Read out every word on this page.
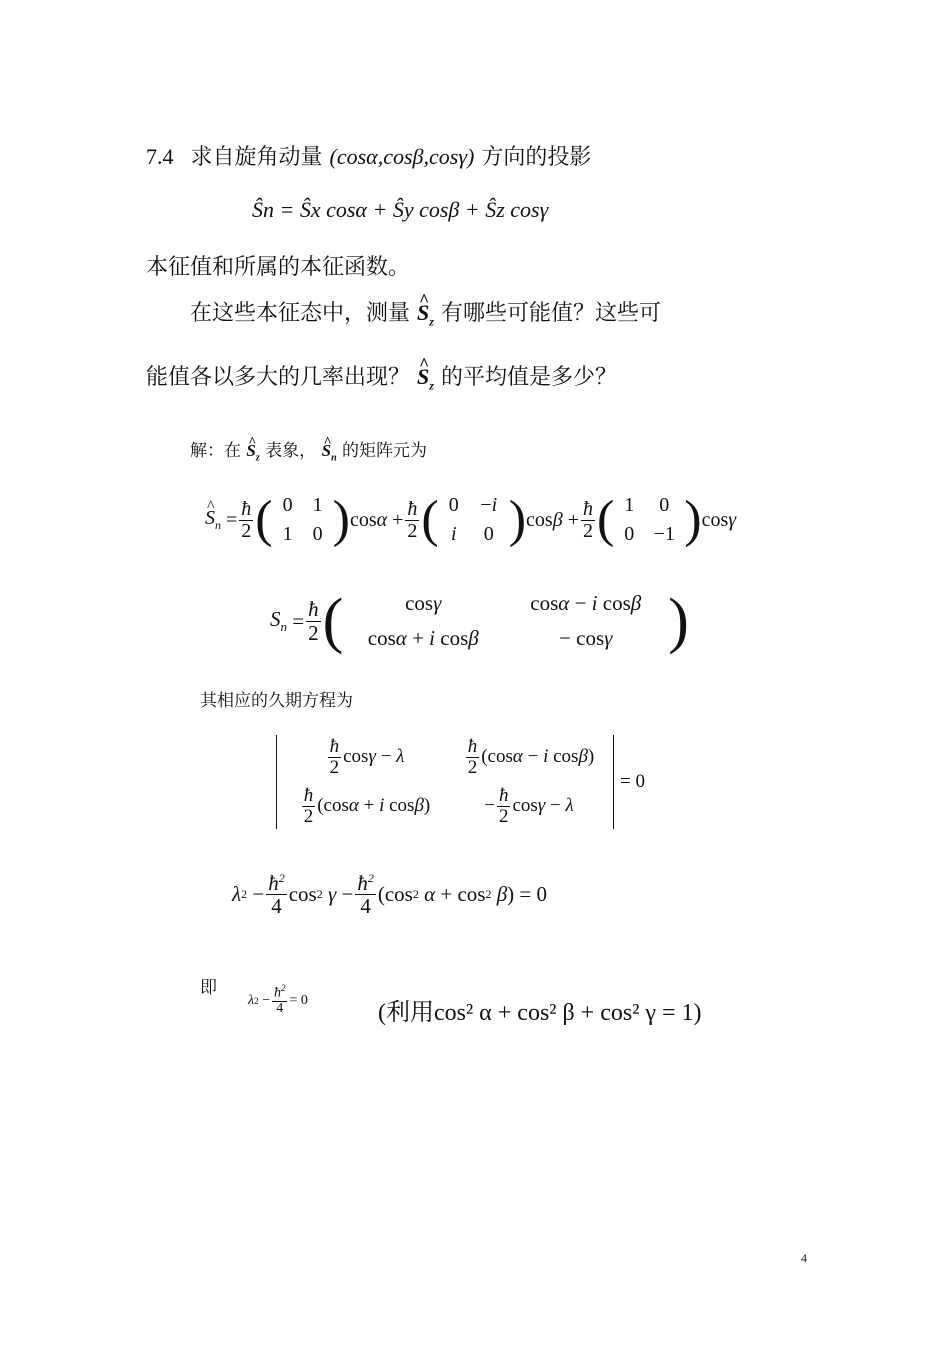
7.4 求自旋角动量 (cosα,cosβ,cosγ) 方向的投影
Ŝn = Ŝx cosα + Ŝy cosβ + Ŝz cosγ
本征值和所属的本征函数。
在这些本征态中，测量 ^ $S_z$ 有哪些可能值？这些可
能值各以多大的几率出现？ ^ $S_z$ 的平均值是多少？
解：在 ^ $S_z$ 表象， ^ $S_n$ 的矩阵元为
^ $S_n = \frac{ħ}{2}$ ( 0	1
1	0 ) $\cos\alpha + \frac{ħ}{2}$ ( 0	−i
i	0 ) $\cos\beta + \frac{ħ}{2}$ ( 1	0
0 −1 ) cosγ
$S_n = \frac{ħ}{2}$ (	cosγ	cosα − i cosβ
cosα + i cosβ	− cosγ )
其相应的久期方程为
$\frac{ħ}{2}$ cosγ − λ	$\frac{ħ}{2} (\cos\alpha - i$ cosβ)
$\frac{ħ}{2} (\cos\alpha + i$ cosβ)	− $\frac{ħ}{2}$ cosγ − λ
= 0
λ $2 - \frac{ħ^2}{4}$ cos 2
$\gamma - \frac{ħ^2}{4} (\cos$ 2
α + cos 2
β ) = 0
即
λ $2 - \frac{ħ^2}{4} = 0$	(利用cos² α + cos² β + cos² γ = 1)
4
